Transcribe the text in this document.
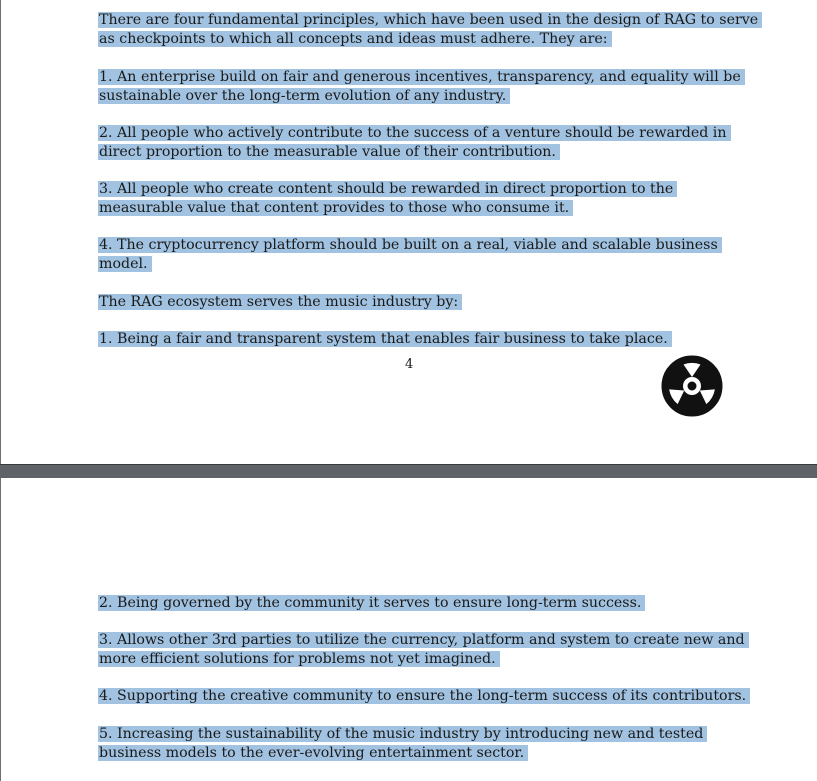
There are four fundamental principles, which have been used in the design of RAG to serve
as checkpoints to which all concepts and ideas must adhere. They are:
1. An enterprise build on fair and generous incentives, transparency, and equality will be
sustainable over the long-term evolution of any industry.
2. All people who actively contribute to the success of a venture should be rewarded in
direct proportion to the measurable value of their contribution.
3. All people who create content should be rewarded in direct proportion to the
measurable value that content provides to those who consume it.
4. The cryptocurrency platform should be built on a real, viable and scalable business
model.
The RAG ecosystem serves the music industry by:
1. Being a fair and transparent system that enables fair business to take place.
4
2. Being governed by the community it serves to ensure long-term success.
3. Allows other 3rd parties to utilize the currency, platform and system to create new and
more efficient solutions for problems not yet imagined.
4. Supporting the creative community to ensure the long-term success of its contributors.
5. Increasing the sustainability of the music industry by introducing new and tested
business models to the ever-evolving entertainment sector.
